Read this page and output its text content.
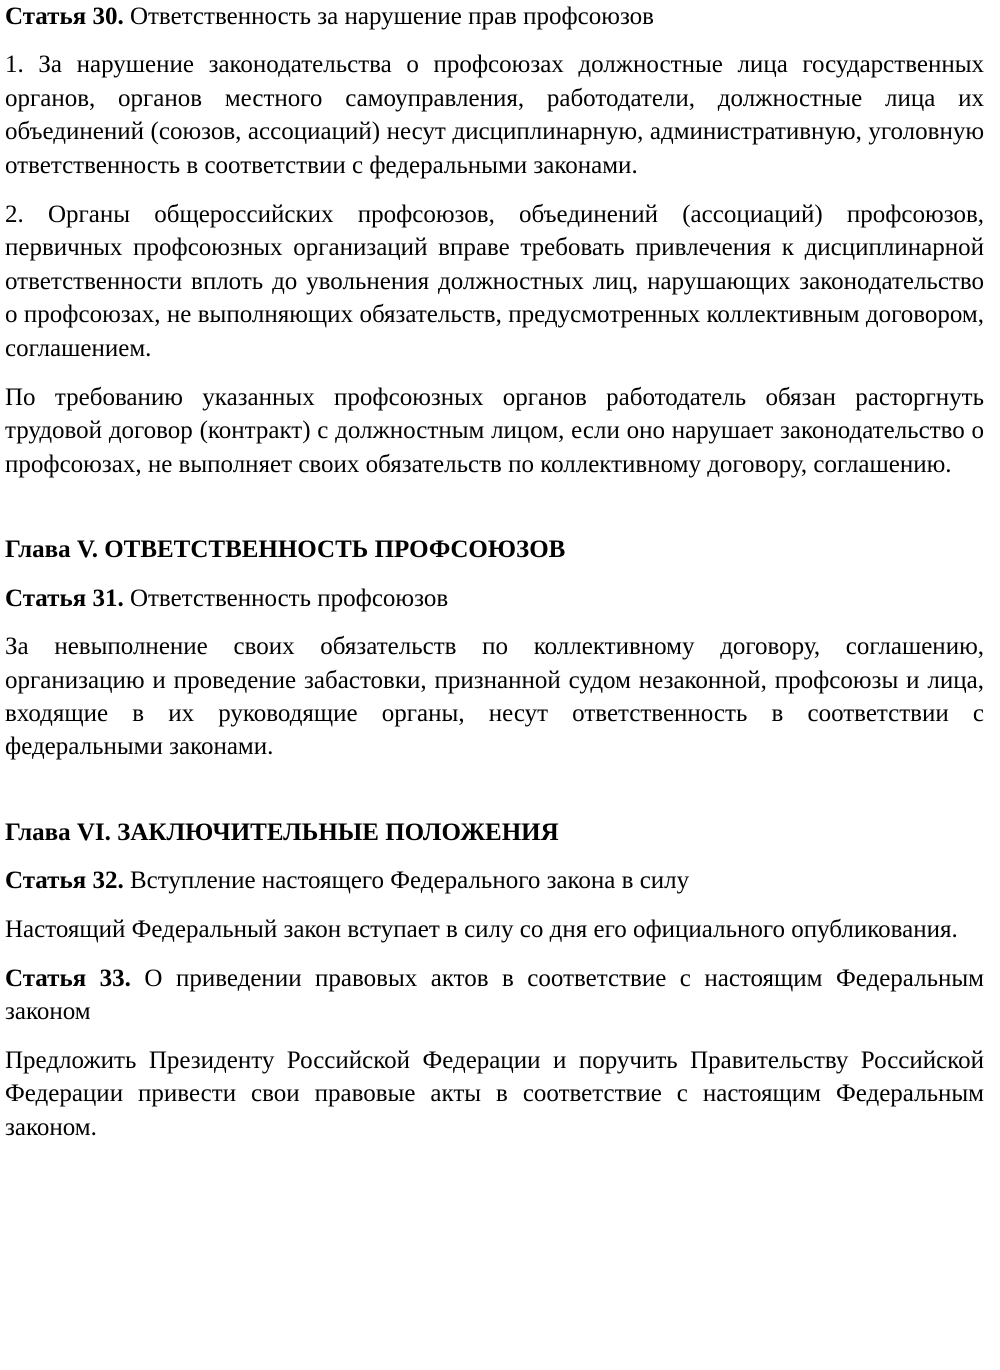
Статья 30. Ответственность за нарушение прав профсоюзов

1. За нарушение законодательства о профсоюзах должностные лица государственных органов, органов местного самоуправления, работодатели, должностные лица их объединений (союзов, ассоциаций) несут дисциплинарную, административную, уголовную ответственность в соответствии с федеральными законами.

2. Органы общероссийских профсоюзов, объединений (ассоциаций) профсоюзов, первичных профсоюзных организаций вправе требовать привлечения к дисциплинарной ответственности вплоть до увольнения должностных лиц, нарушающих законодательство о профсоюзах, не выполняющих обязательств, предусмотренных коллективным договором, соглашением.

По требованию указанных профсоюзных органов работодатель обязан расторгнуть трудовой договор (контракт) с должностным лицом, если оно нарушает законодательство о профсоюзах, не выполняет своих обязательств по коллективному договору, соглашению.

Глава V. ОТВЕТСТВЕННОСТЬ ПРОФСОЮЗОВ

Статья 31. Ответственность профсоюзов

За невыполнение своих обязательств по коллективному договору, соглашению, организацию и проведение забастовки, признанной судом незаконной, профсоюзы и лица, входящие в их руководящие органы, несут ответственность в соответствии с федеральными законами.

Глава VI. ЗАКЛЮЧИТЕЛЬНЫЕ ПОЛОЖЕНИЯ

Статья 32. Вступление настоящего Федерального закона в силу

Настоящий Федеральный закон вступает в силу со дня его официального опубликования.

Статья 33. О приведении правовых актов в соответствие с настоящим Федеральным законом

Предложить Президенту Российской Федерации и поручить Правительству Российской Федерации привести свои правовые акты в соответствие с настоящим Федеральным законом.
